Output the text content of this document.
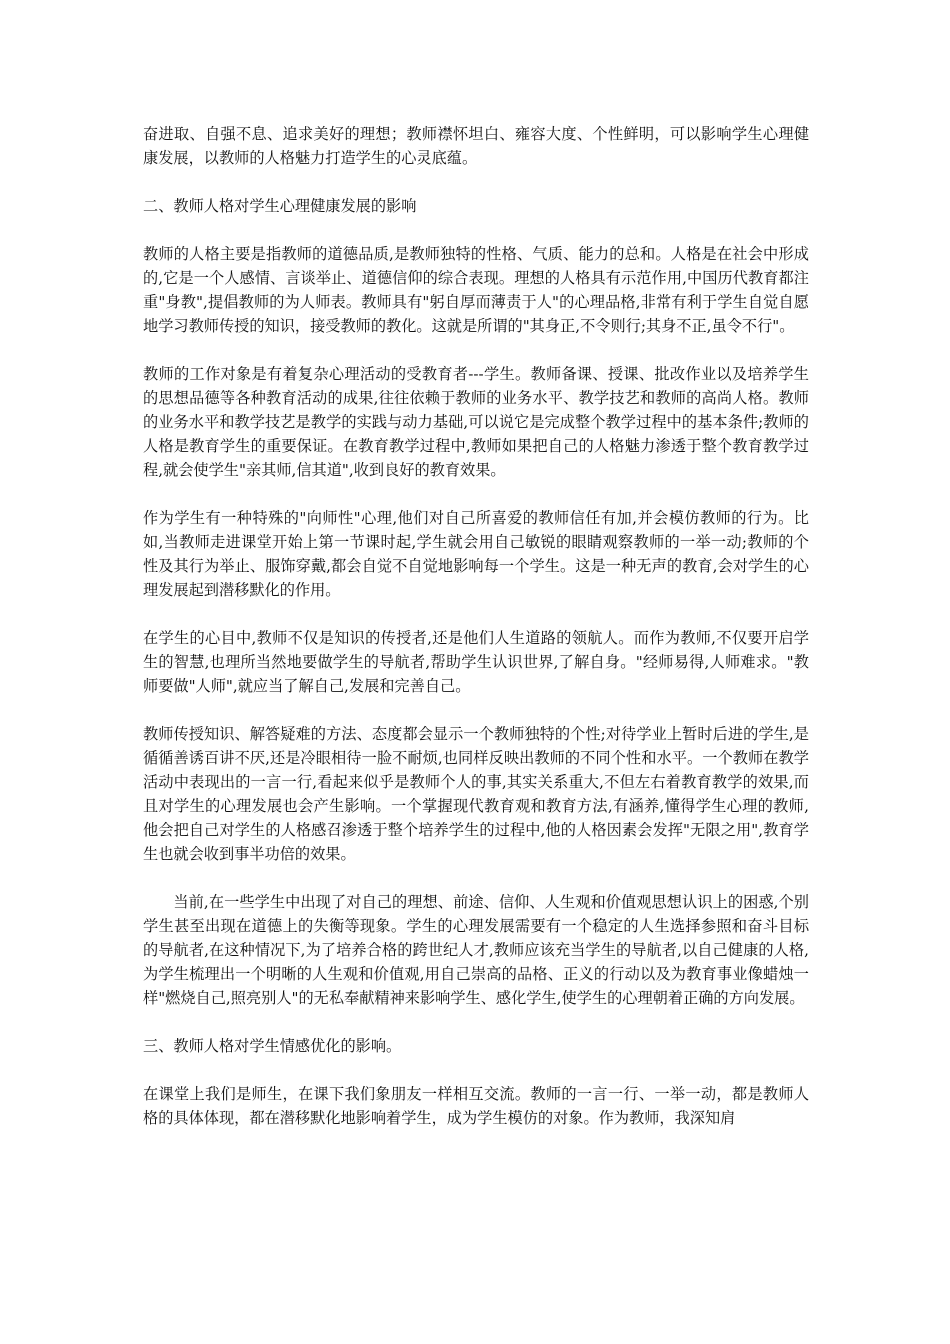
奋进取、自强不息、追求美好的理想；教师襟怀坦白、雍容大度、个性鲜明，可以影响学生心理健康发展，以教师的人格魅力打造学生的心灵底蕴。

二、教师人格对学生心理健康发展的影响

教师的人格主要是指教师的道德品质,是教师独特的性格、气质、能力的总和。人格是在社会中形成的,它是一个人感情、言谈举止、道德信仰的综合表现。理想的人格具有示范作用,中国历代教育都注重"身教",提倡教师的为人师表。教师具有"躬自厚而薄责于人"的心理品格,非常有利于学生自觉自愿地学习教师传授的知识，接受教师的教化。这就是所谓的"其身正,不令则行;其身不正,虽令不行"。

教师的工作对象是有着复杂心理活动的受教育者---学生。教师备课、授课、批改作业以及培养学生的思想品德等各种教育活动的成果,往往依赖于教师的业务水平、教学技艺和教师的高尚人格。教师的业务水平和教学技艺是教学的实践与动力基础,可以说它是完成整个教学过程中的基本条件;教师的人格是教育学生的重要保证。在教育教学过程中,教师如果把自己的人格魅力渗透于整个教育教学过程,就会使学生"亲其师,信其道",收到良好的教育效果。

作为学生有一种特殊的"向师性"心理,他们对自己所喜爱的教师信任有加,并会模仿教师的行为。比如,当教师走进课堂开始上第一节课时起,学生就会用自己敏锐的眼睛观察教师的一举一动;教师的个性及其行为举止、服饰穿戴,都会自觉不自觉地影响每一个学生。这是一种无声的教育,会对学生的心理发展起到潜移默化的作用。

在学生的心目中,教师不仅是知识的传授者,还是他们人生道路的领航人。而作为教师,不仅要开启学生的智慧,也理所当然地要做学生的导航者,帮助学生认识世界,了解自身。"经师易得,人师难求。"教师要做"人师",就应当了解自己,发展和完善自己。

教师传授知识、解答疑难的方法、态度都会显示一个教师独特的个性;对待学业上暂时后进的学生,是循循善诱百讲不厌,还是冷眼相待一脸不耐烦,也同样反映出教师的不同个性和水平。一个教师在教学活动中表现出的一言一行,看起来似乎是教师个人的事,其实关系重大,不但左右着教育教学的效果,而且对学生的心理发展也会产生影响。一个掌握现代教育观和教育方法,有涵养,懂得学生心理的教师,他会把自己对学生的人格感召渗透于整个培养学生的过程中,他的人格因素会发挥"无限之用",教育学生也就会收到事半功倍的效果。

当前,在一些学生中出现了对自己的理想、前途、信仰、人生观和价值观思想认识上的困惑,个别学生甚至出现在道德上的失衡等现象。学生的心理发展需要有一个稳定的人生选择参照和奋斗目标的导航者,在这种情况下,为了培养合格的跨世纪人才,教师应该充当学生的导航者,以自己健康的人格,为学生梳理出一个明晰的人生观和价值观,用自己崇高的品格、正义的行动以及为教育事业像蜡烛一样"燃烧自己,照亮别人"的无私奉献精神来影响学生、感化学生,使学生的心理朝着正确的方向发展。

三、教师人格对学生情感优化的影响。

在课堂上我们是师生，在课下我们象朋友一样相互交流。教师的一言一行、一举一动，都是教师人格的具体体现，都在潜移默化地影响着学生，成为学生模仿的对象。作为教师，我深知肩
